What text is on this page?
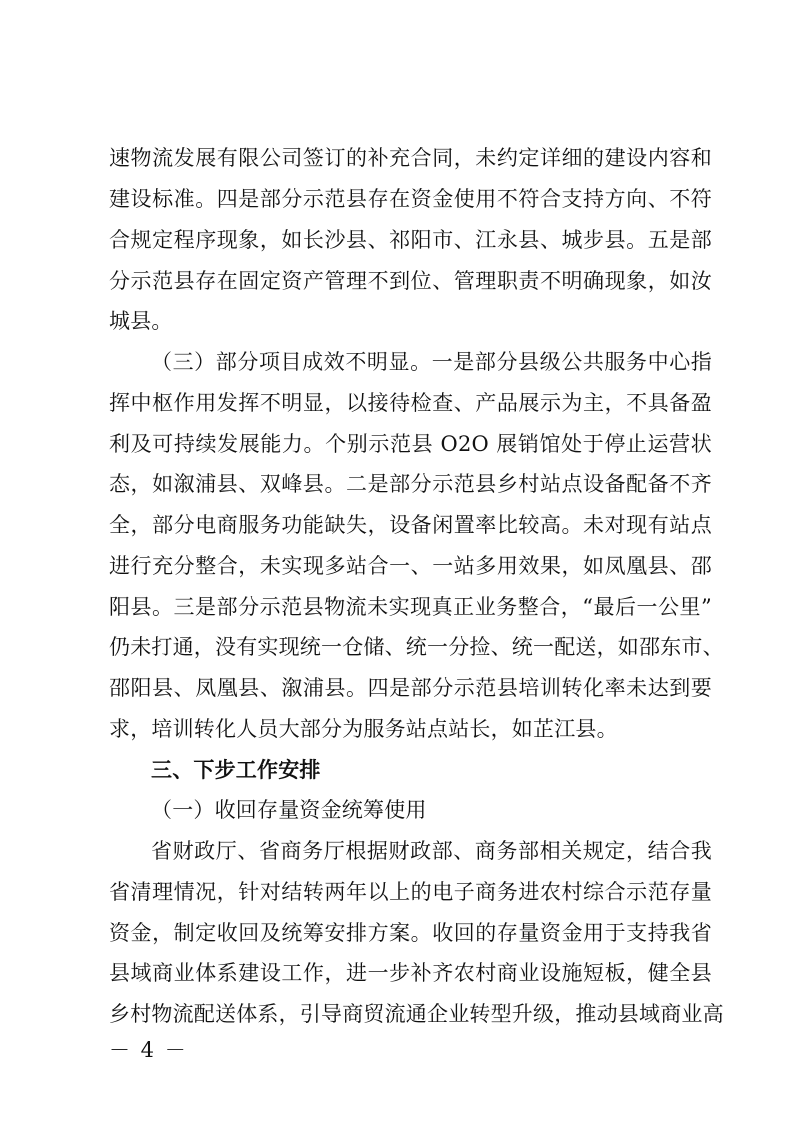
速物流发展有限公司签订的补充合同，未约定详细的建设内容和
建设标准。四是部分示范县存在资金使用不符合支持方向、不符
合规定程序现象，如长沙县、祁阳市、江永县、城步县。五是部
分示范县存在固定资产管理不到位、管理职责不明确现象，如汝
城县。
（三）部分项目成效不明显。一是部分县级公共服务中心指
挥中枢作用发挥不明显，以接待检查、产品展示为主，不具备盈
利及可持续发展能力。个别示范县 O2O 展销馆处于停止运营状
态，如溆浦县、双峰县。二是部分示范县乡村站点设备配备不齐
全，部分电商服务功能缺失，设备闲置率比较高。未对现有站点
进行充分整合，未实现多站合一、一站多用效果，如凤凰县、邵
阳县。三是部分示范县物流未实现真正业务整合，“最后一公里”
仍未打通，没有实现统一仓储、统一分捡、统一配送，如邵东市、
邵阳县、凤凰县、溆浦县。四是部分示范县培训转化率未达到要
求，培训转化人员大部分为服务站点站长，如芷江县。
三、下步工作安排
（一）收回存量资金统筹使用
省财政厅、省商务厅根据财政部、商务部相关规定，结合我
省清理情况，针对结转两年以上的电子商务进农村综合示范存量
资金，制定收回及统筹安排方案。收回的存量资金用于支持我省
县域商业体系建设工作，进一步补齐农村商业设施短板，健全县
乡村物流配送体系，引导商贸流通企业转型升级，推动县域商业高
－ 4 －
